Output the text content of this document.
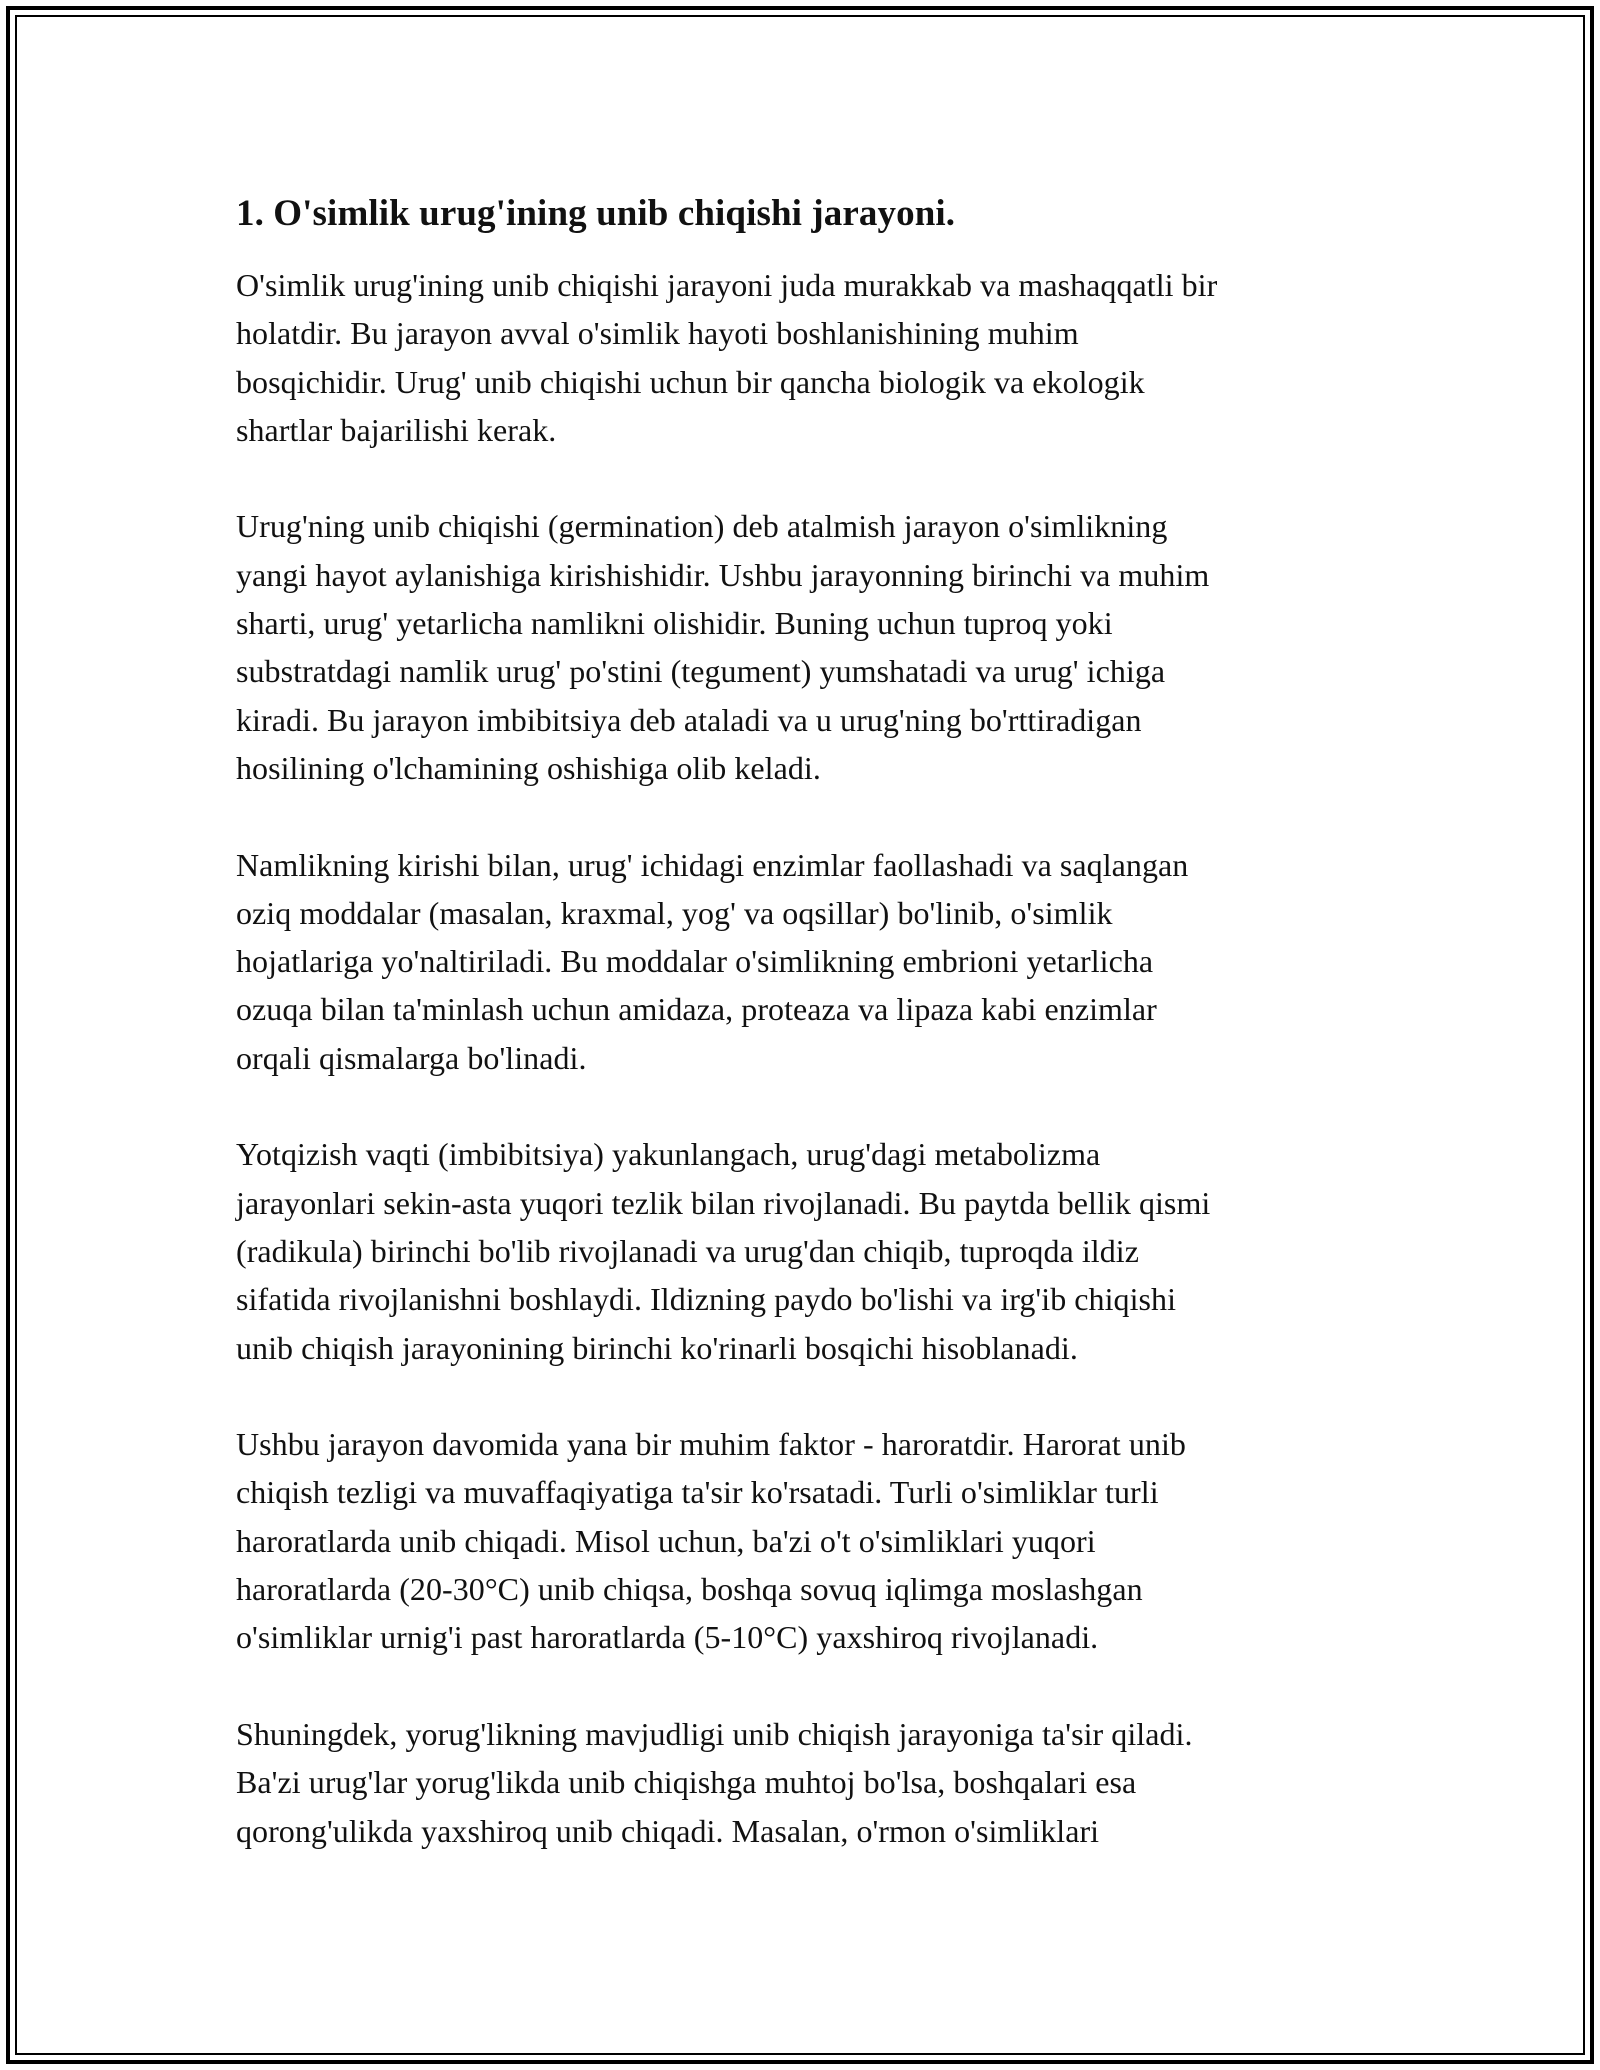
1. O'simlik urug'ining unib chiqishi jarayoni.

O'simlik urug'ining unib chiqishi jarayoni juda murakkab va mashaqqatli bir
holatdir. Bu jarayon avval o'simlik hayoti boshlanishining muhim
bosqichidir. Urug' unib chiqishi uchun bir qancha biologik va ekologik
shartlar bajarilishi kerak.

Urug'ning unib chiqishi (germination) deb atalmish jarayon o'simlikning
yangi hayot aylanishiga kirishishidir. Ushbu jarayonning birinchi va muhim
sharti, urug' yetarlicha namlikni olishidir. Buning uchun tuproq yoki
substratdagi namlik urug' po'stini (tegument) yumshatadi va urug' ichiga
kiradi. Bu jarayon imbibitsiya deb ataladi va u urug'ning bo'rttiradigan
hosilining o'lchamining oshishiga olib keladi.

Namlikning kirishi bilan, urug' ichidagi enzimlar faollashadi va saqlangan
oziq moddalar (masalan, kraxmal, yog' va oqsillar) bo'linib, o'simlik
hojatlariga yo'naltiriladi. Bu moddalar o'simlikning embrioni yetarlicha
ozuqa bilan ta'minlash uchun amidaza, proteaza va lipaza kabi enzimlar
orqali qismalarga bo'linadi.

Yotqizish vaqti (imbibitsiya) yakunlangach, urug'dagi metabolizma
jarayonlari sekin-asta yuqori tezlik bilan rivojlanadi. Bu paytda bellik qismi
(radikula) birinchi bo'lib rivojlanadi va urug'dan chiqib, tuproqda ildiz
sifatida rivojlanishni boshlaydi. Ildizning paydo bo'lishi va irg'ib chiqishi
unib chiqish jarayonining birinchi ko'rinarli bosqichi hisoblanadi.

Ushbu jarayon davomida yana bir muhim faktor - haroratdir. Harorat unib
chiqish tezligi va muvaffaqiyatiga ta'sir ko'rsatadi. Turli o'simliklar turli
haroratlarda unib chiqadi. Misol uchun, ba'zi o't o'simliklari yuqori
haroratlarda (20-30°C) unib chiqsa, boshqa sovuq iqlimga moslashgan
o'simliklar urnig'i past haroratlarda (5-10°C) yaxshiroq rivojlanadi.

Shuningdek, yorug'likning mavjudligi unib chiqish jarayoniga ta'sir qiladi.
Ba'zi urug'lar yorug'likda unib chiqishga muhtoj bo'lsa, boshqalari esa
qorong'ulikda yaxshiroq unib chiqadi. Masalan, o'rmon o'simliklari
